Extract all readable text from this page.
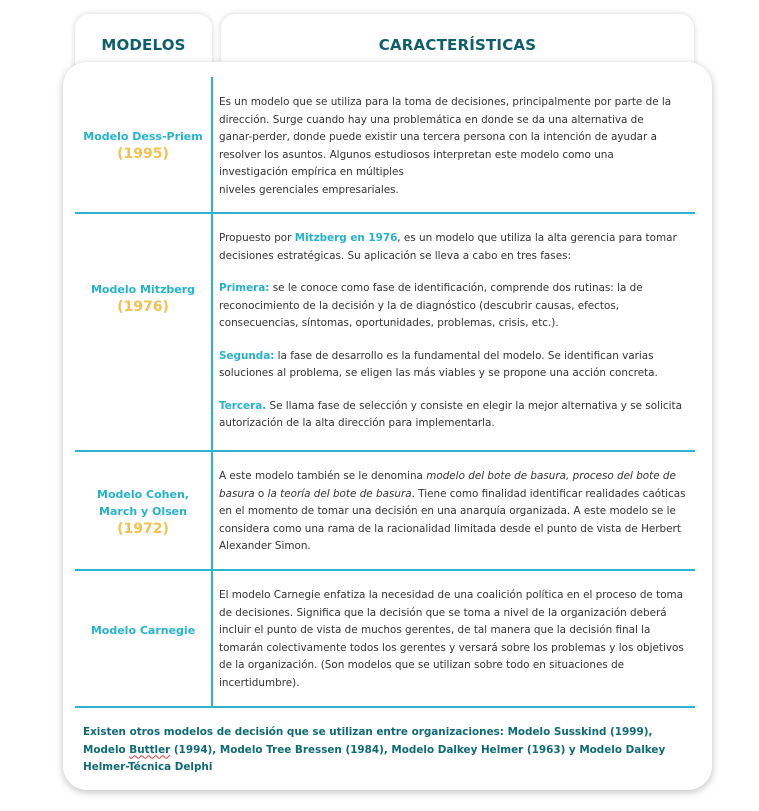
MODELOS	CARACTERÍSTICAS
Modelo Dess-Priem
(1995)
Es un modelo que se utiliza para la toma de decisiones, principalmente por parte de la
dirección. Surge cuando hay una problemática en donde se da una alternativa de
ganar-perder, donde puede existir una tercera persona con la intención de ayudar a
resolver los asuntos. Algunos estudiosos interpretan este modelo como una
investigación empírica en múltiples
niveles gerenciales empresariales.
Modelo Mitzberg
(1976)

Propuesto por Mitzberg en 1976, es un modelo que utiliza la alta gerencia para tomar decisiones estratégicas. Su aplicación se lleva a cabo en tres fases:

Primera: se le conoce como fase de identificación, comprende dos rutinas: la de reconocimiento de la decisión y la de diagnóstico (descubrir causas, efectos, consecuencias, síntomas, oportunidades, problemas, crisis, etc.).

Segunda: la fase de desarrollo es la fundamental del modelo. Se identifican varias soluciones al problema, se eligen las más viables y se propone una acción concreta.

Tercera. Se llama fase de selección y consiste en elegir la mejor alternativa y se solicita autorización de la alta dirección para implementarla.

Modelo Cohen,
March y Olsen
(1972)

A este modelo también se le denomina modelo del bote de basura, proceso del bote de basura o la teoría del bote de basura. Tiene como finalidad identificar realidades caóticas en el momento de tomar una decisión en una anarquía organizada. A este modelo se le considera como una rama de la racionalidad limitada desde el punto de vista de Herbert Alexander Simon.

Modelo Carnegie

El modelo Carnegie enfatiza la necesidad de una coalición política en el proceso de toma de decisiones. Significa que la decisión que se toma a nivel de la organización deberá incluir el punto de vista de muchos gerentes, de tal manera que la decisión final la tomarán colectivamente todos los gerentes y versará sobre los problemas y los objetivos de la organización. (Son modelos que se utilizan sobre todo en situaciones de incertidumbre).

Existen otros modelos de decisión que se utilizan entre organizaciones: Modelo Susskind (1999), Modelo Buttler (1994), Modelo Tree Bressen (1984), Modelo Dalkey Helmer (1963) y Modelo Dalkey Helmer-Técnica Delphi
